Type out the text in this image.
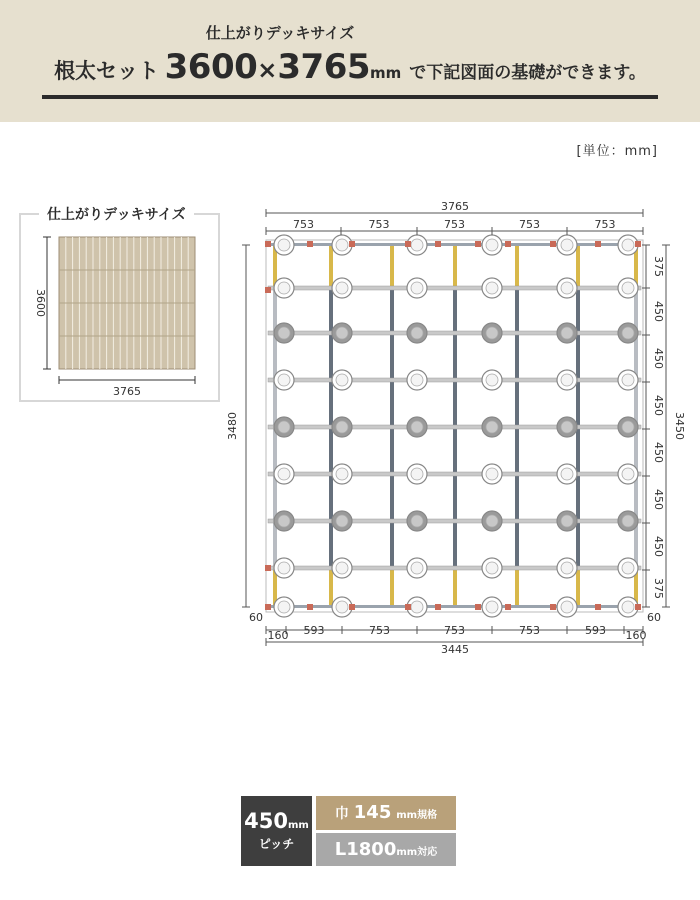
仕上がりデッキサイズ
根太セット 3600×3765mm で下記図面の基礎ができます。
[単位：mm]
仕上がりデッキサイズ
3600
3765
3765
753	753	753	753	753
375
450
450
450
450
450
450
375
3450
3480
60	60
593	753	753	753	593
160	160
3445
450mm
ピッチ
巾 145 mm規格
L1800mm対応
